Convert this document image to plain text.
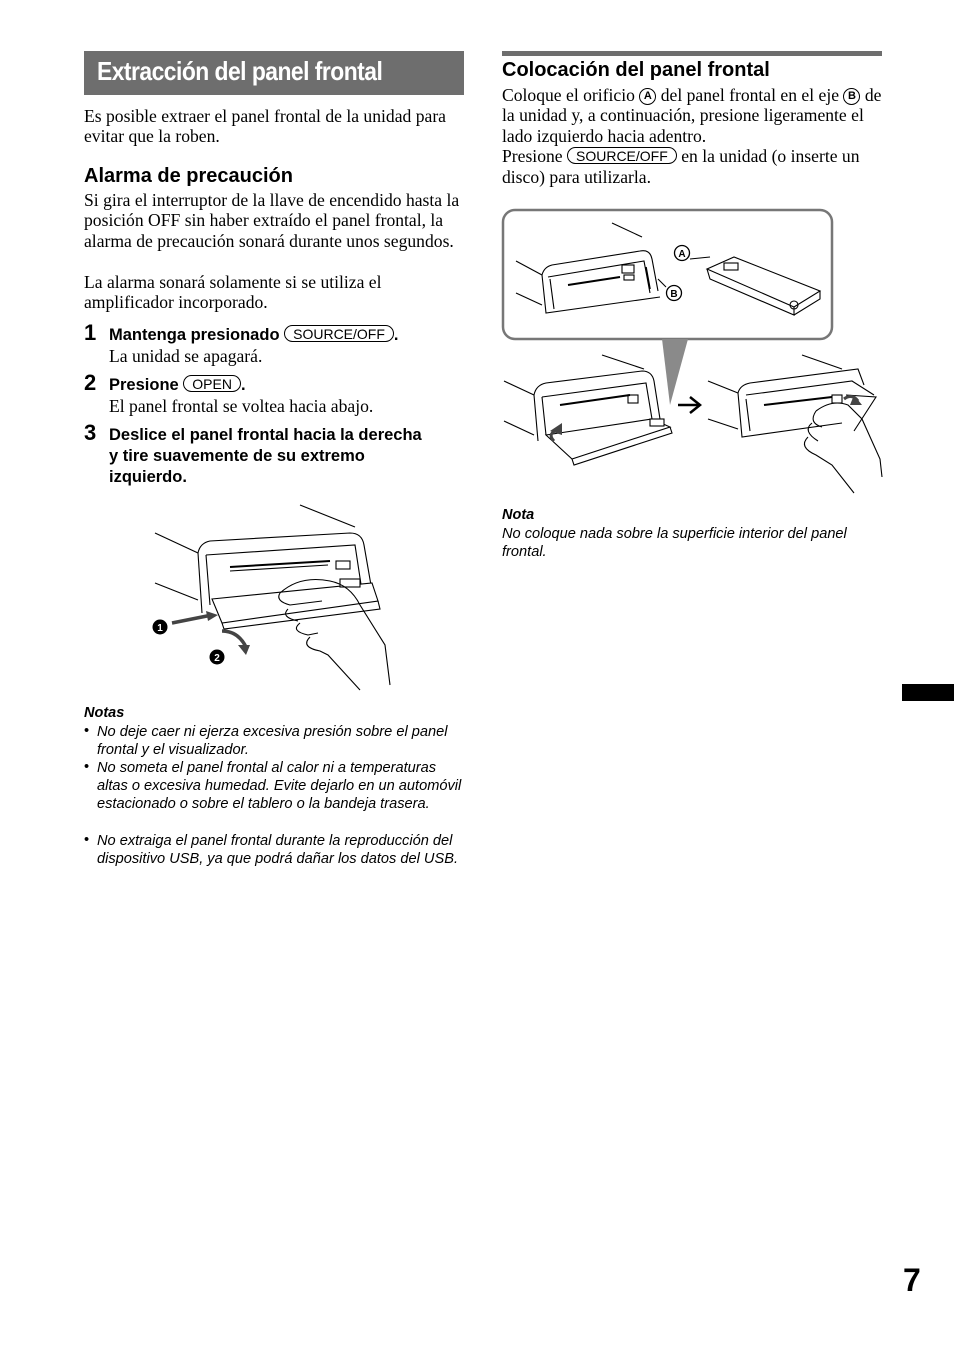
Extracción del panel frontal

Es posible extraer el panel frontal de la unidad para evitar que la roben.

Alarma de precaución

Si gira el interruptor de la llave de encendido hasta la posición OFF sin haber extraído el panel frontal, la alarma de precaución sonará durante unos segundos.

La alarma sonará solamente si se utiliza el amplificador incorporado.

1 Mantenga presionado SOURCE/OFF .

La unidad se apagará.

2 Presione OPEN .

El panel frontal se voltea hacia abajo.

3 Deslice el panel frontal hacia la derecha y tire suavemente de su extremo izquierdo.
1
2
Notas
• No deje caer ni ejerza excesiva presión sobre el panel frontal y el visualizador.
• No someta el panel frontal al calor ni a temperaturas altas o excesiva humedad. Evite dejarlo en un automóvil estacionado o sobre el tablero o la bandeja trasera.
• No extraiga el panel frontal durante la reproducción del dispositivo USB, ya que podrá dañar los datos del USB.
Colocación del panel frontal

Coloque el orificio A del panel frontal en el eje B de la unidad y, a continuación, presione ligeramente el lado izquierdo hacia adentro.
Presione SOURCE/OFF en la unidad (o inserte un disco) para utilizarla.

A
B
Nota
No coloque nada sobre la superficie interior del panel frontal.
7
